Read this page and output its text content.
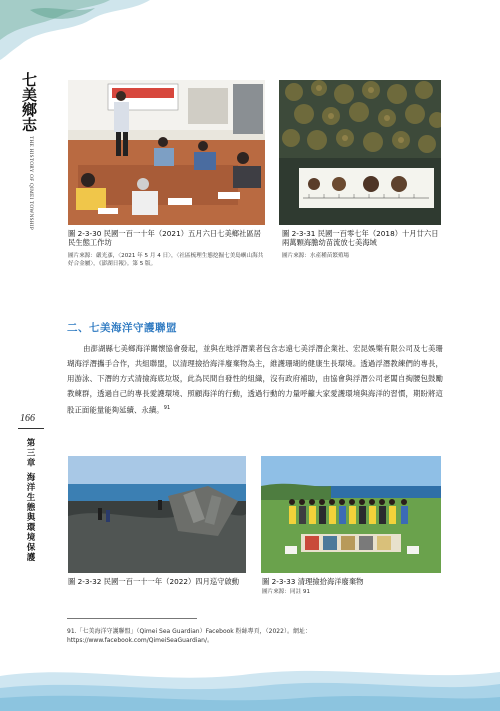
七美鄉志
THE HISTORY OF QIMEI TOWNSHIP
166
第三章 海洋生態與環境保護
圖 2-3-30 民國一百一十年（2021）五月六日七美鄉社區居民生態工作坊
圖片來源：嚴光彥，〈2021 年 5 月 4 日〉，〈社區梳理生態挖掘七美島嶼山海共好合金屬〉，《澎湖日報》。第 5 版。
圖 2-3-31 民國一百零七年（2018）十月廿六日兩萬顆海膽幼苗流放七美海域
圖片來源：水產種苗繁殖場
二、七美海洋守護聯盟
由澎湖縣七美鄉海洋關懷協會發起，並與在地浮潛業者包含志遠七美浮潛企業社、宏昆娛樂有限公司及七美珊瑚海浮潛攜手合作，共組聯盟，以清理撿拾海洋廢棄物為主，維護珊瑚的健康生長環境。透過浮潛教練們的專長，用游泳、下潛的方式清撿海底垃圾，此為民間自發性的組織，沒有政府補助，由協會與浮潛公司老闆自掏腰包鼓勵教練群，透過自己的專長愛護環境、照顧海洋的行動，透過行動的力量呼籲大家愛護環境與海洋的習慣，期盼將這股正面能量能夠延續、永續。$^{91}$
圖 2-3-32 民國一百一十一年（2022）四月巡守啟動	圖 2-3-33 清理撿拾海洋廢棄物
圖片來源：同註 91
91.「七美海洋守護聯盟」（Qimei Sea Guardian）Facebook 粉絲專頁，（2022）。網址：https://www.facebook.com/QimeiSeaGuardian/。
